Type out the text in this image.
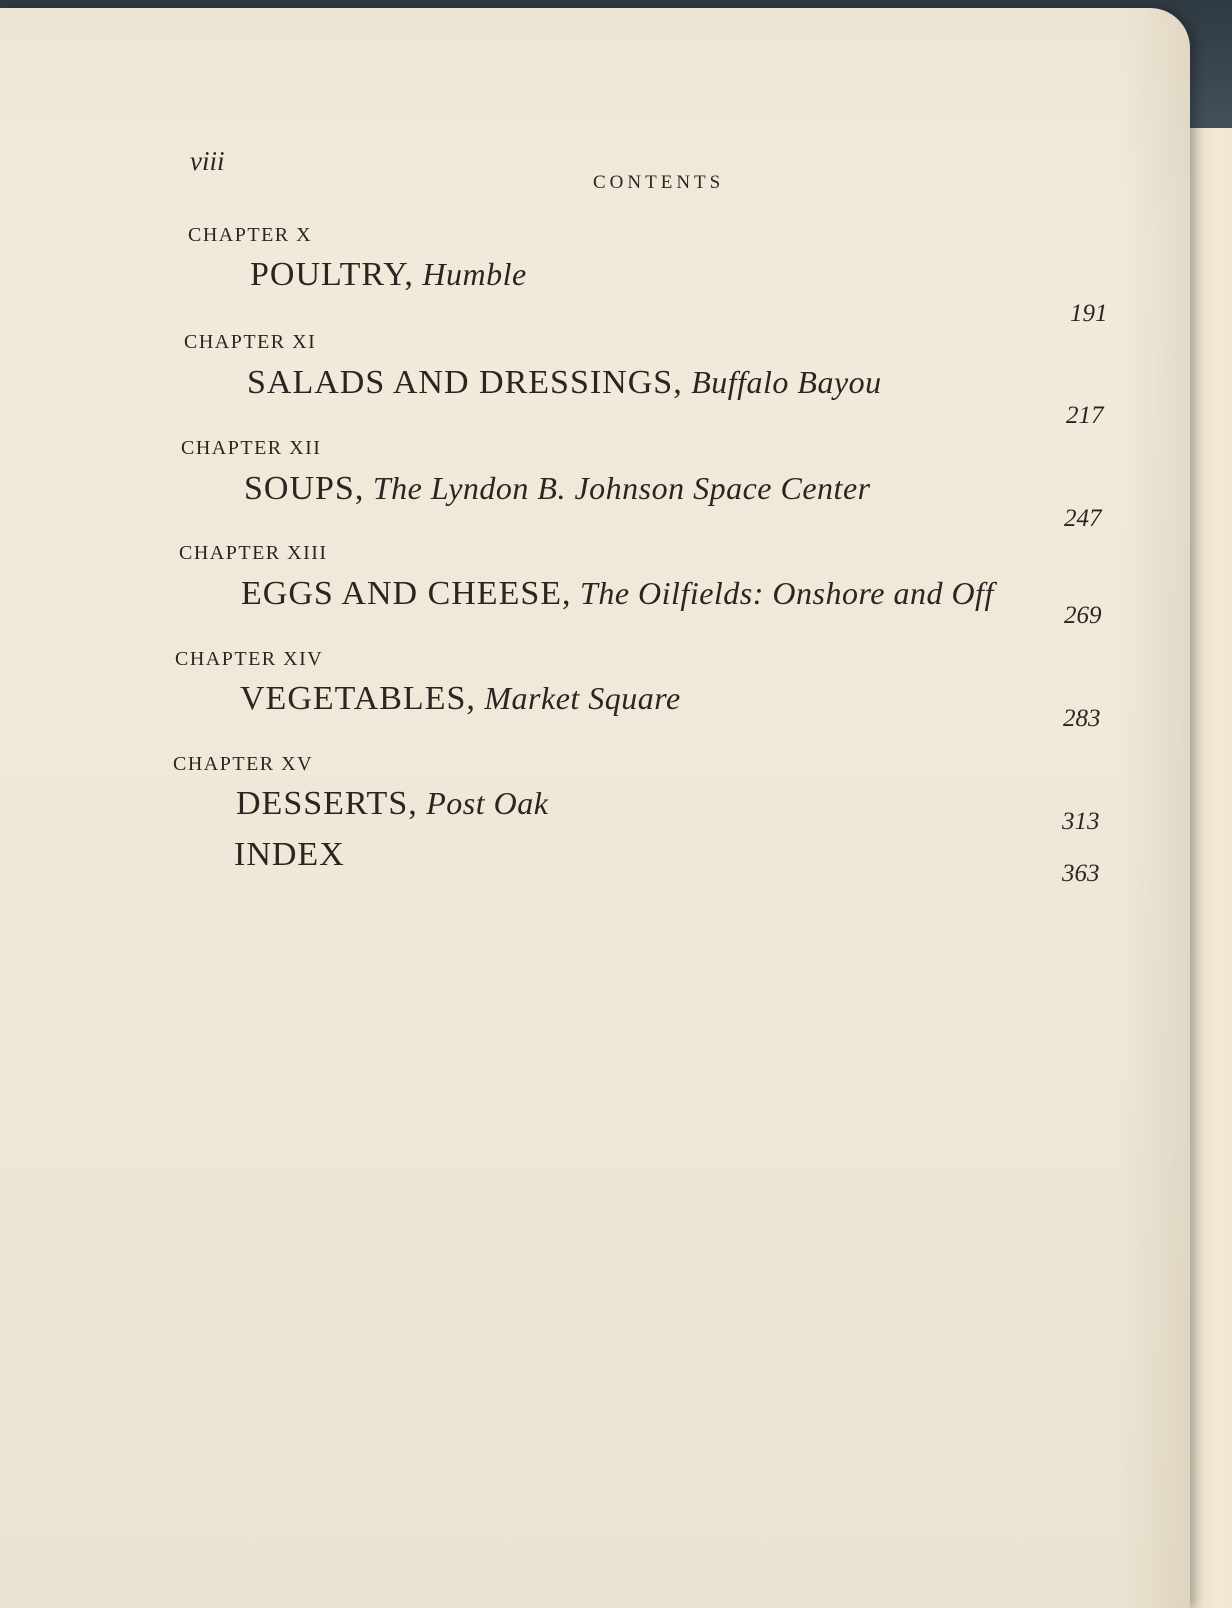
viii
CONTENTS
CHAPTER X
POULTRY, Humble
191
CHAPTER XI
SALADS AND DRESSINGS, Buffalo Bayou
217
CHAPTER XII
SOUPS, The Lyndon B. Johnson Space Center
247
CHAPTER XIII
EGGS AND CHEESE, The Oilfields: Onshore and Off
269
CHAPTER XIV
VEGETABLES, Market Square
283
CHAPTER XV
DESSERTS, Post Oak
313
INDEX
363
